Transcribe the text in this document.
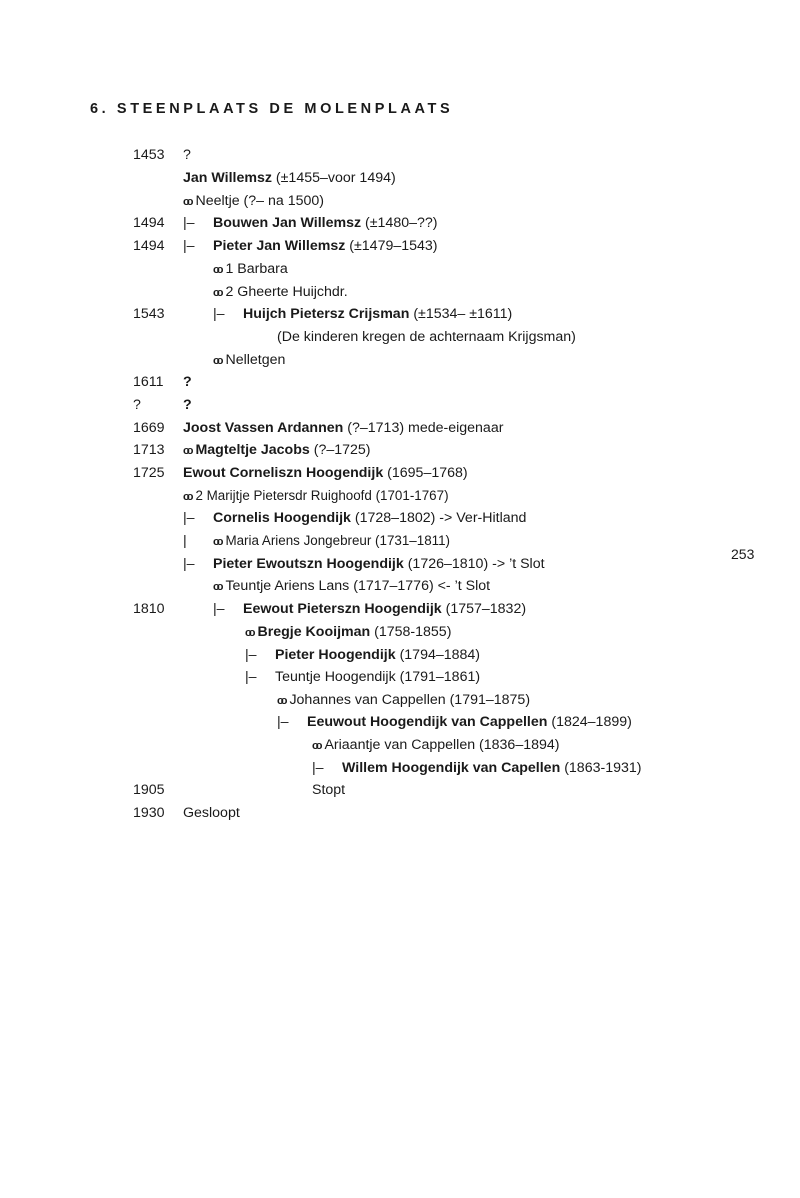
6. STEENPLAATS DE MOLENPLAATS
253
1453 ?
Jan Willemsz (±1455–voor 1494)
oo Neeltje (?– na 1500)
1494 |– Bouwen Jan Willemsz (±1480–??)
1494 |– Pieter Jan Willemsz (±1479–1543)
oo 1 Barbara
oo 2 Gheerte Huijchdr.
1543	|– Huijch Pietersz Crijsman (±1534– ±1611)
(De kinderen kregen de achternaam Krijgsman)
oo Nelletgen
1611 ?
?	?
1669 Joost Vassen Ardannen (?–1713) mede-eigenaar
1713 oo Magteltje Jacobs (?–1725)
1725 Ewout Corneliszn Hoogendijk (1695–1768)
oo 2 Marijtje Pietersdr Ruighoofd (1701-1767)
|– Cornelis Hoogendijk (1728–1802) -> Ver-Hitland
| oo Maria Ariens Jongebreur (1731–1811)
|– Pieter Ewoutszn Hoogendijk (1726–1810) -> ’t Slot
oo Teuntje Ariens Lans (1717–1776) <- ’t Slot
1810	|– Eewout Pieterszn Hoogendijk (1757–1832)
oo Bregje Kooijman (1758-1855)
|– Pieter Hoogendijk (1794–1884)
|– Teuntje Hoogendijk (1791–1861)
oo Johannes van Cappellen (1791–1875)
|– Eeuwout Hoogendijk van Cappellen (1824–1899)
oo Ariaantje van Cappellen (1836–1894)
|– Willem Hoogendijk van Capellen (1863-1931)
1905	Stopt
1930 Gesloopt
